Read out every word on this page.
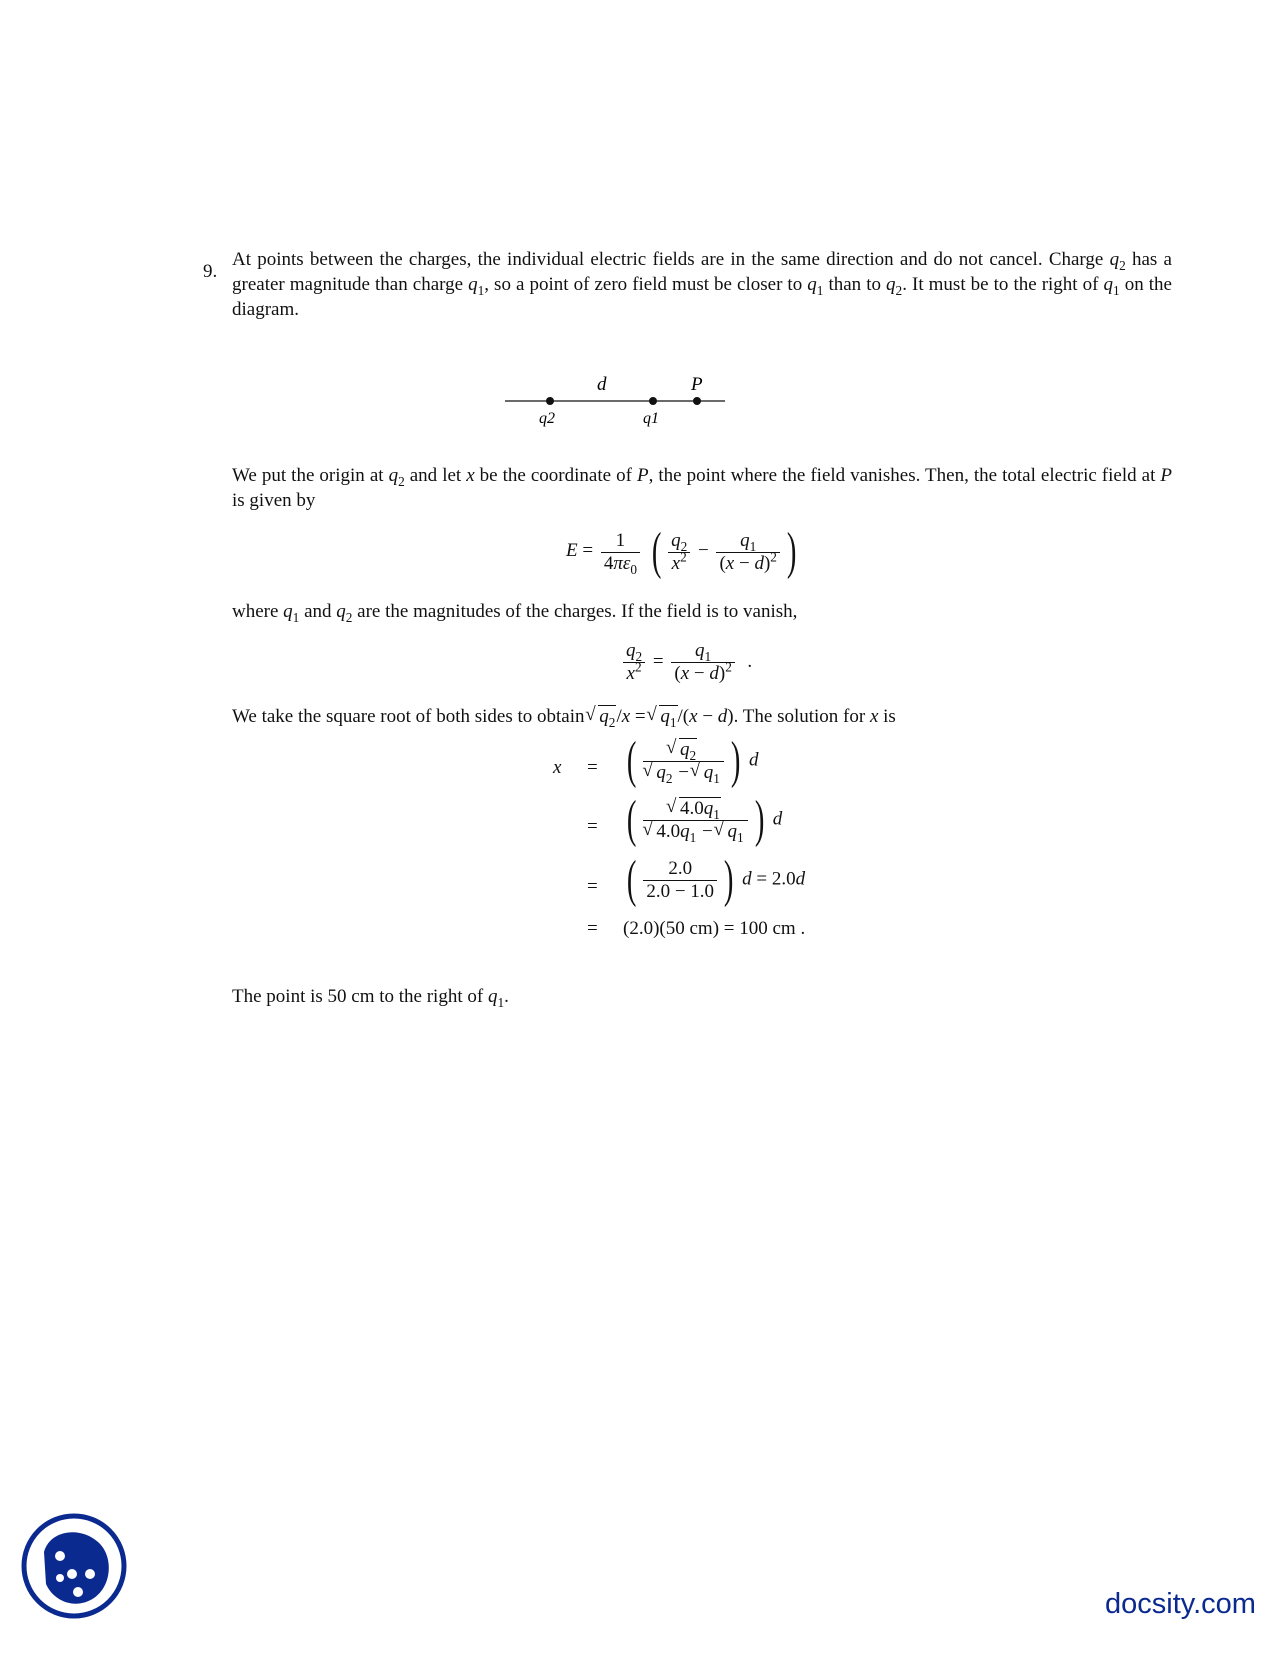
9.
At points between the charges, the individual electric fields are in the same direction and do not cancel. Charge $q_2$ has a greater magnitude than charge $q_1$, so a point of zero field must be closer to $q_1$ than to $q_2$. It must be to the right of $q_1$ on the diagram.
d	P
q2	q1
We put the origin at $q_2$ and let x be the coordinate of P, the point where the field vanishes. Then, the total electric field at P is given by
$E = \frac{1}{4\pi\varepsilon_0}$ ( $\frac{q_2}{x^2} - \frac{q_1}{(x - d)^2}$ )
where $q_1$ and $q_2$ are the magnitudes of the charges. If the field is to vanish,
$\frac{q_2}{x^2} = \frac{q_1}{(x - d)^2}$ .
We take the square root of both sides to obtain √ $q_2/x$ = √ $q_1/(x - d)$. The solution for x is
x = ( √ $q_2$
√ $q_2$ − √ $q_1$ ) d
= ( √ $4.0q_1$
√ $4.0q_1$ − √ $q_1$ ) d
= ( $\frac{2.0}{2.0 - 1.0}$ ) d = 2.0d
= (2.0)(50 cm) = 100 cm .
The point is 50 cm to the right of $q_1$.
docsity.com
